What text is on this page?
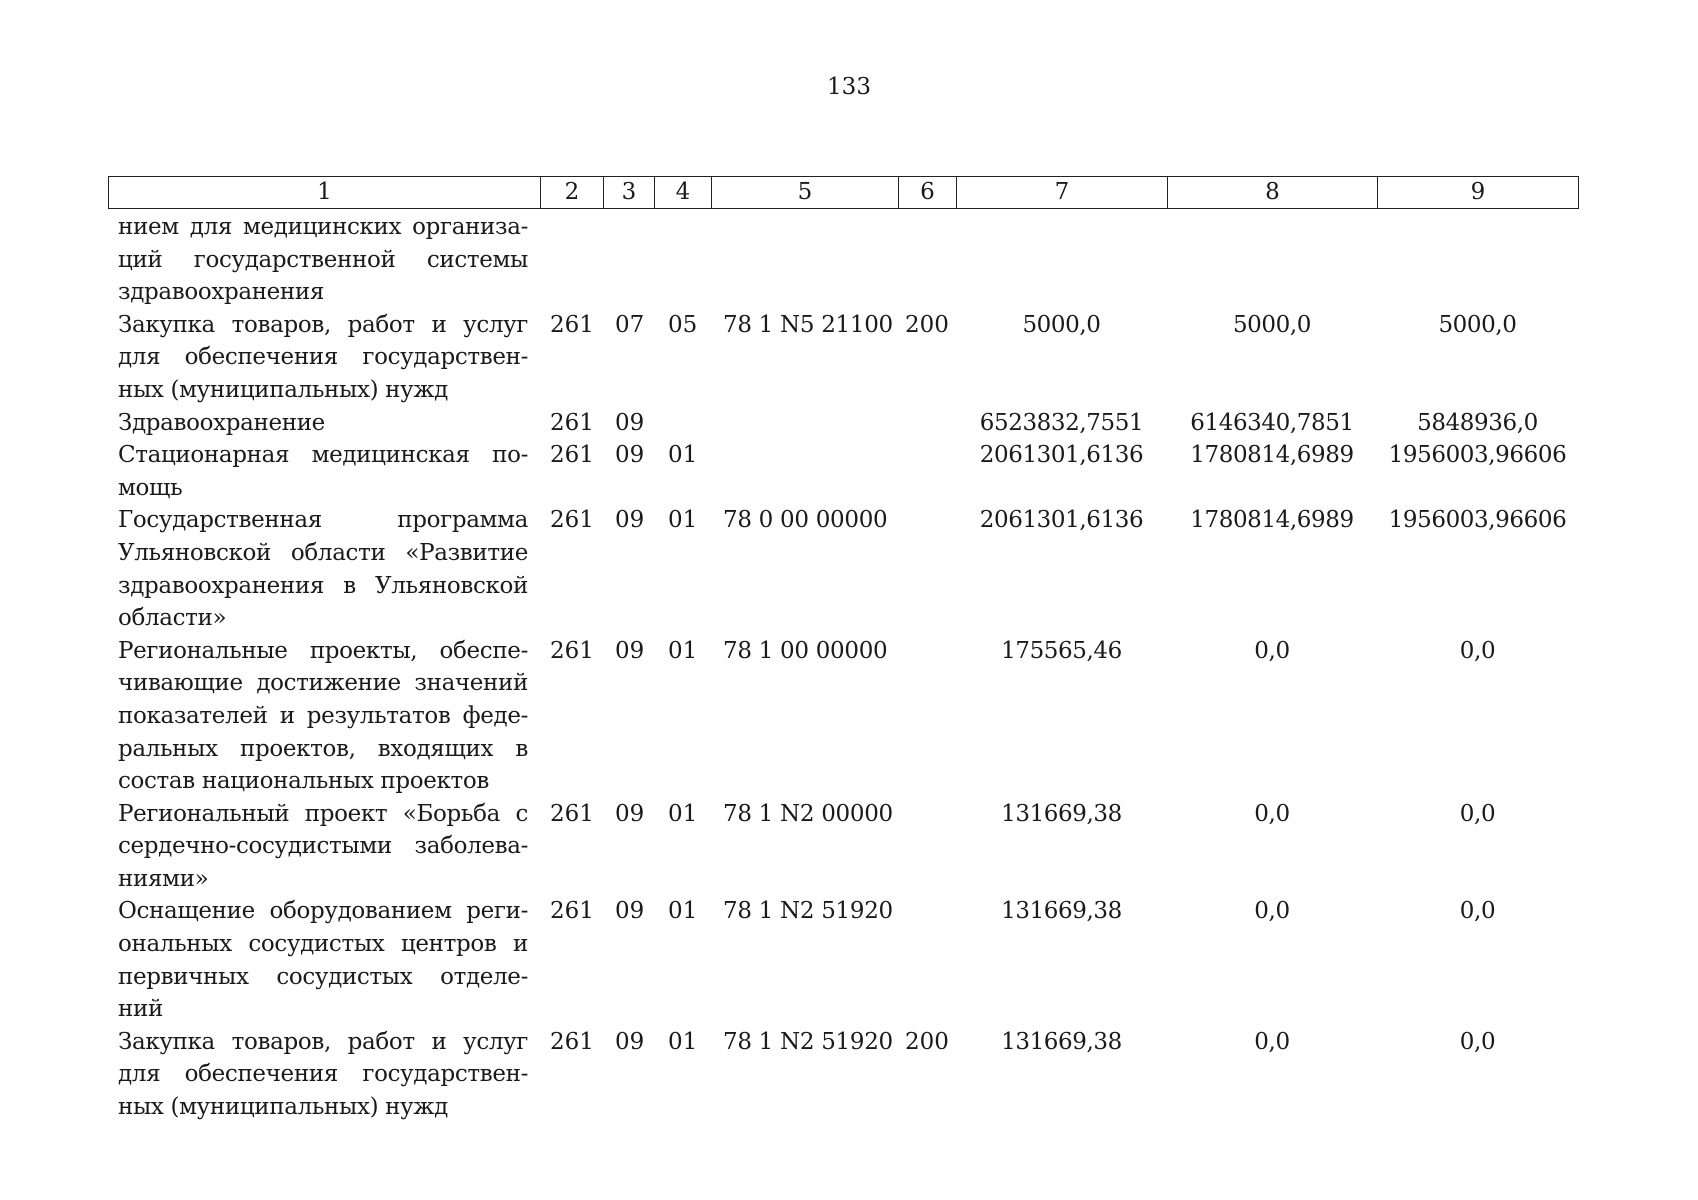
133
1	2	3	4	5	6	7	8	9
нием для медицинских организа-
ций государственной системы
здравоохранения								

Закупка товаров, работ и услуг
для обеспечения государствен-
ных (муниципальных) нужд	261	07	05	78 1 N5 21100	200	5000,0	5000,0	5000,0

Здравоохранение	261	09				6523832,7551	6146340,7851	5848936,0

Стационарная медицинская по-
мощь	261	09	01			2061301,6136	1780814,6989	1956003,96606

Государственная программа
Ульяновской области «Развитие
здравоохранения в Ульяновской
области»	261	09	01	78 0 00 00000		2061301,6136	1780814,6989	1956003,96606

Региональные проекты, обеспе-
чивающие достижение значений
показателей и результатов феде-
ральных проектов, входящих в
состав национальных проектов	261	09	01	78 1 00 00000		175565,46	0,0	0,0

Региональный проект «Борьба с
сердечно-сосудистыми заболева-
ниями»	261	09	01	78 1 N2 00000		131669,38	0,0	0,0

Оснащение оборудованием реги-
ональных сосудистых центров и
первичных сосудистых отделе-
ний	261	09	01	78 1 N2 51920		131669,38	0,0	0,0

Закупка товаров, работ и услуг
для обеспечения государствен-
ных (муниципальных) нужд	261	09	01	78 1 N2 51920	200	131669,38	0,0	0,0
